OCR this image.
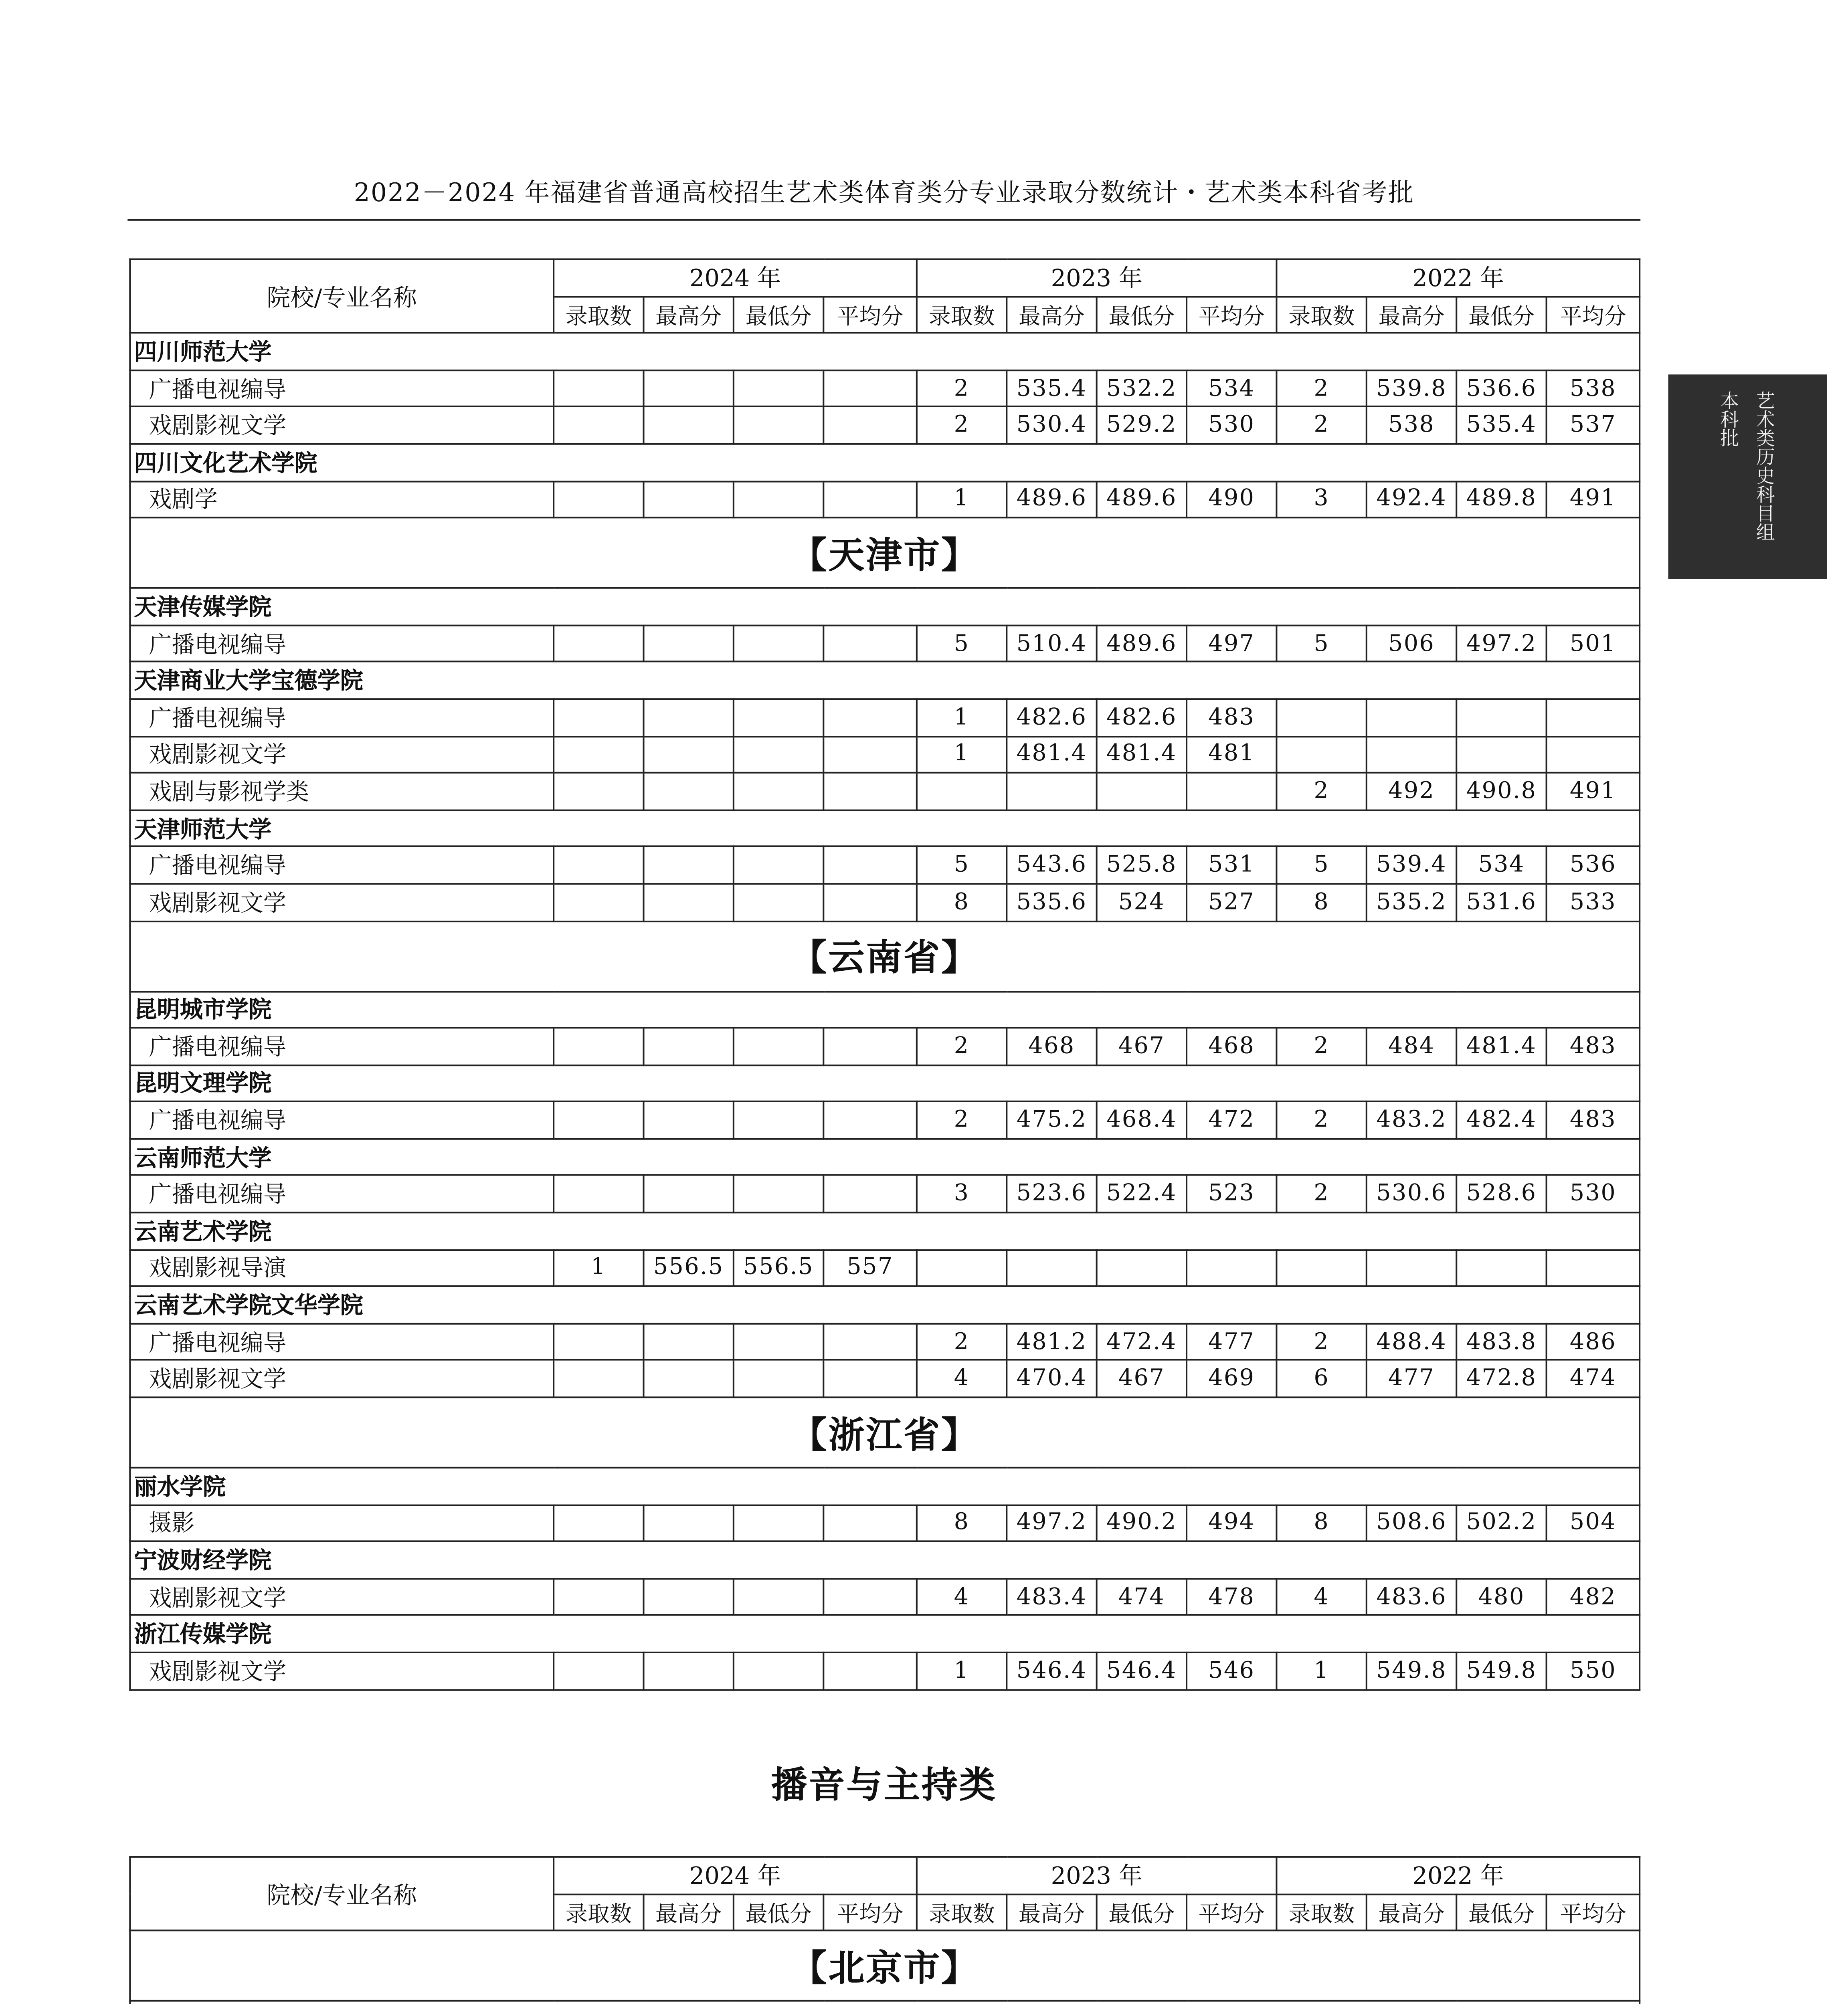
2022－2024 年福建省普通高校招生艺术类体育类分专业录取分数统计・艺术类本科省考批
艺术类历史科目组
本科批
院校/专业名称	2024 年				2023 年				2022 年			
	录取数	最高分	最低分	平均分	录取数	最高分	最低分	平均分	录取数	最高分	最低分	平均分
四川师范大学												
广播电视编导					2	535.4	532.2	534	2	539.8	536.6	538
戏剧影视文学					2	530.4	529.2	530	2	538	535.4	537
四川文化艺术学院												
戏剧学					1	489.6	489.6	490	3	492.4	489.8	491
【天津市】												
天津传媒学院												
广播电视编导					5	510.4	489.6	497	5	506	497.2	501
天津商业大学宝德学院												
广播电视编导					1	482.6	482.6	483				
戏剧影视文学					1	481.4	481.4	481				
戏剧与影视学类									2	492	490.8	491
天津师范大学												
广播电视编导					5	543.6	525.8	531	5	539.4	534	536
戏剧影视文学					8	535.6	524	527	8	535.2	531.6	533
【云南省】												
昆明城市学院												
广播电视编导					2	468	467	468	2	484	481.4	483
昆明文理学院												
广播电视编导					2	475.2	468.4	472	2	483.2	482.4	483
云南师范大学												
广播电视编导					3	523.6	522.4	523	2	530.6	528.6	530
云南艺术学院												
戏剧影视导演	1	556.5	556.5	557								
云南艺术学院文华学院												
广播电视编导					2	481.2	472.4	477	2	488.4	483.8	486
戏剧影视文学					4	470.4	467	469	6	477	472.8	474
【浙江省】												
丽水学院												
摄影					8	497.2	490.2	494	8	508.6	502.2	504
宁波财经学院												
戏剧影视文学					4	483.4	474	478	4	483.6	480	482
浙江传媒学院												
戏剧影视文学					1	546.4	546.4	546	1	549.8	549.8	550
播音与主持类
院校/专业名称	2024 年				2023 年				2022 年			
	录取数	最高分	最低分	平均分	录取数	最高分	最低分	平均分	录取数	最高分	最低分	平均分
【北京市】												
